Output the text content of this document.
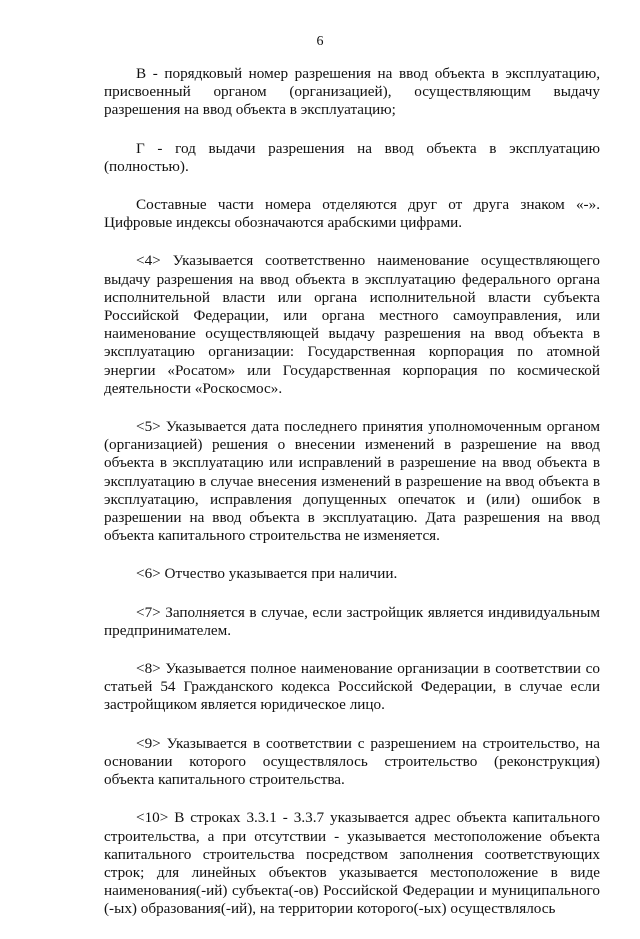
6

В - порядковый номер разрешения на ввод объекта в эксплуатацию, присвоенный органом (организацией), осуществляющим выдачу разрешения на ввод объекта в эксплуатацию;

Г - год выдачи разрешения на ввод объекта в эксплуатацию (полностью).

Составные части номера отделяются друг от друга знаком «-». Цифровые индексы обозначаются арабскими цифрами.

<4> Указывается соответственно наименование осуществляющего выдачу разрешения на ввод объекта в эксплуатацию федерального органа исполнительной власти или органа исполнительной власти субъекта Российской Федерации, или органа местного самоуправления, или наименование осуществляющей выдачу разрешения на ввод объекта в эксплуатацию организации: Государственная корпорация по атомной энергии «Росатом» или Государственная корпорация по космической деятельности «Роскосмос».

<5> Указывается дата последнего принятия уполномоченным органом (организацией) решения о внесении изменений в разрешение на ввод объекта в эксплуатацию или исправлений в разрешение на ввод объекта в эксплуатацию в случае внесения изменений в разрешение на ввод объекта в эксплуатацию, исправления допущенных опечаток и (или) ошибок в разрешении на ввод объекта в эксплуатацию. Дата разрешения на ввод объекта капитального строительства не изменяется.

<6> Отчество указывается при наличии.

<7> Заполняется в случае, если застройщик является индивидуальным предпринимателем.

<8> Указывается полное наименование организации в соответствии со статьей 54 Гражданского кодекса Российской Федерации, в случае если застройщиком является юридическое лицо.

<9> Указывается в соответствии с разрешением на строительство, на основании которого осуществлялось строительство (реконструкция) объекта капитального строительства.

<10> В строках 3.3.1 - 3.3.7 указывается адрес объекта капитального строительства, а при отсутствии - указывается местоположение объекта капитального строительства посредством заполнения соответствующих строк; для линейных объектов указывается местоположение в виде наименования(-ий) субъекта(-ов) Российской Федерации и муниципального (-ых) образования(-ий), на территории которого(-ых) осуществлялось
